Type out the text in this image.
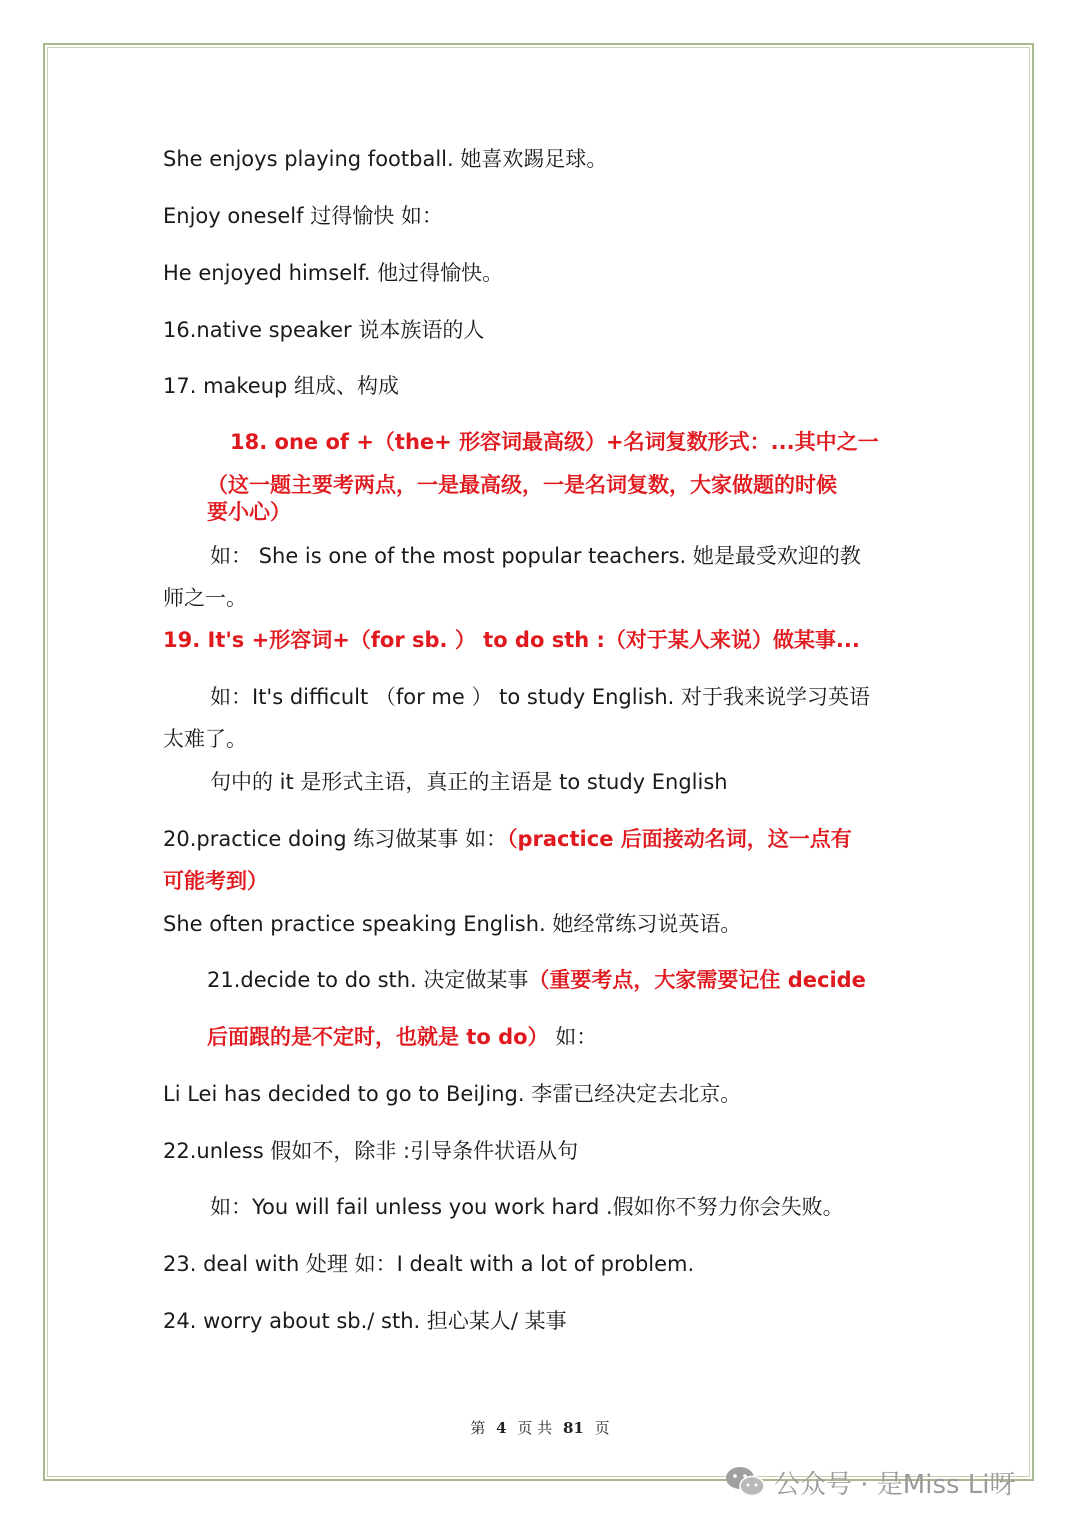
She enjoys playing football. 她喜欢踢足球。
Enjoy oneself 过得愉快 如：
He enjoyed himself. 他过得愉快。
16.native speaker 说本族语的人
17. makeup 组成、构成
18. one of +（the+ 形容词最高级）+名词复数形式：...其中之一
（这一题主要考两点，一是最高级，一是名词复数，大家做题的时候
要小心）
如： She is one of the most popular teachers. 她是最受欢迎的教
师之一。
19. It's +形容词+（for sb. ） to do sth :（对于某人来说）做某事...
如：It's difficult （for me ） to study English. 对于我来说学习英语
太难了。
句中的 it 是形式主语，真正的主语是 to study English
20.practice doing 练习做某事 如：（practice 后面接动名词，这一点有
可能考到）
She often practice speaking English. 她经常练习说英语。
21.decide to do sth. 决定做某事（重要考点，大家需要记住 decide
后面跟的是不定时，也就是 to do） 如：
Li Lei has decided to go to BeiJing. 李雷已经决定去北京。
22.unless 假如不，除非 :引导条件状语从句
如：You will fail unless you work hard .假如你不努力你会失败。
23. deal with 处理 如：I dealt with a lot of problem.
24. worry about sb./ sth. 担心某人/ 某事
第 4 页 共 81 页
公众号 · 是Miss Li呀
